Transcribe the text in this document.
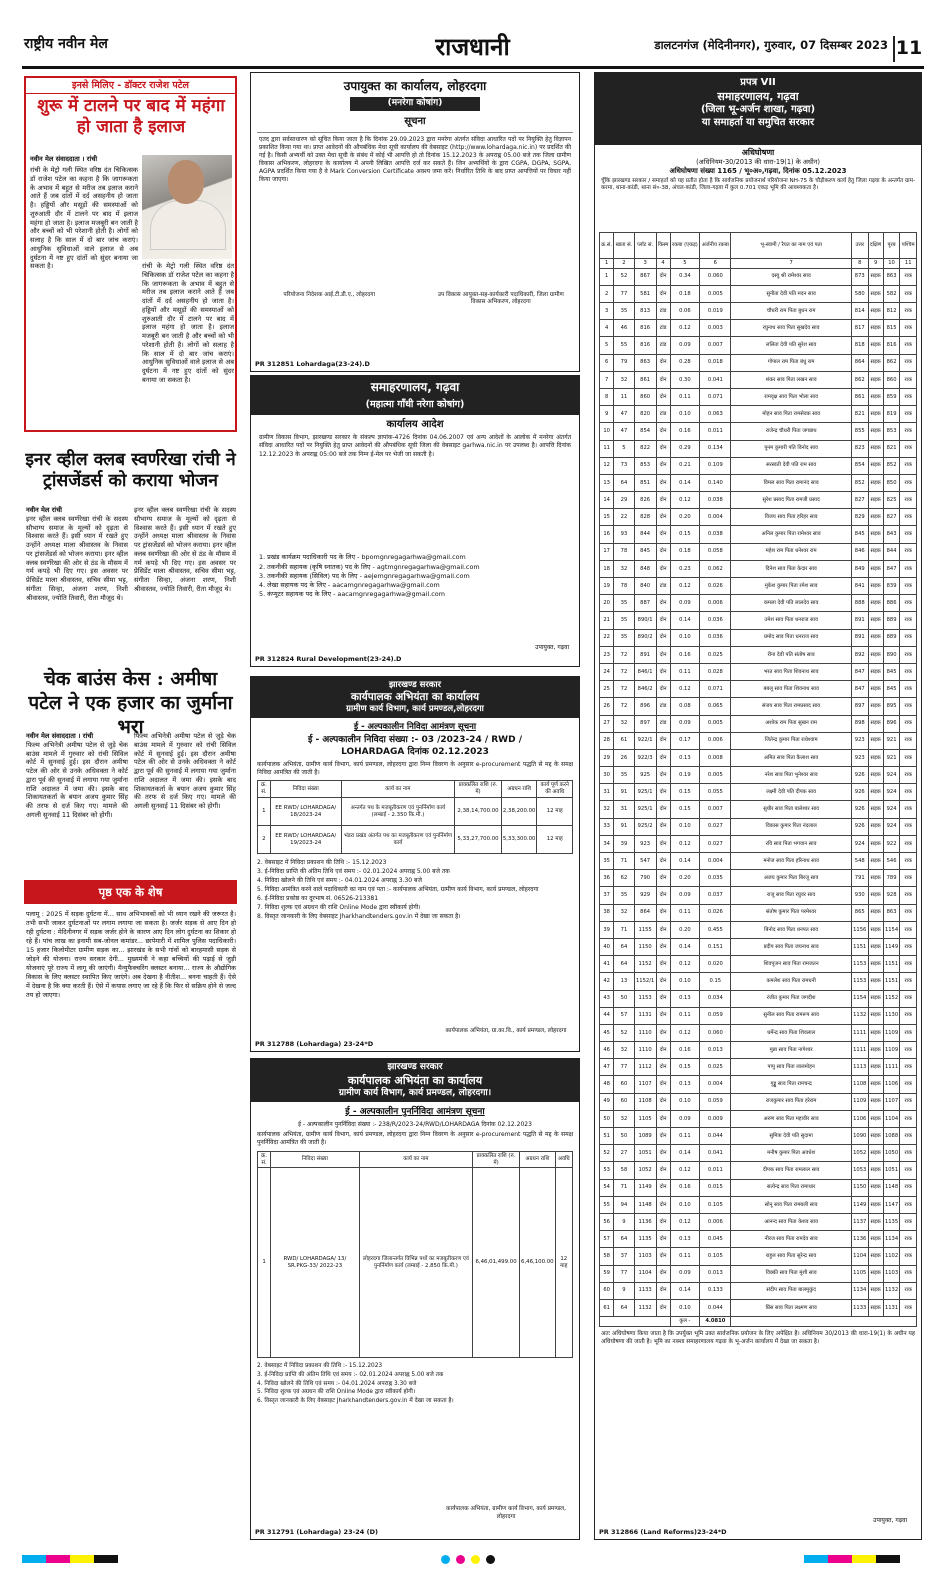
राष्ट्रीय नवीन मेल	राजधानी	डालटनगंज (मेदिनीनगर), गुरुवार, 07 दिसम्बर 2023 11
इनसे मिलिए - डॉक्टर राजेश पटेल
शुरू में टालने पर बाद में महंगा हो जाता है इलाज
नवीन मेल संवाददाता । रांची
रांची के मेट्रो गली स्थित वरिष्ठ दंत चिकित्सक डॉ राजेश पटेल का कहना है कि जागरूकता के अभाव में बहुत से मरीज तब इलाज कराने आते हैं जब दांतों में दर्द असहनीय हो जाता है। हड्डियों और मसूड़ों की समस्याओं को शुरुआती दौर में टालने पर बाद में इलाज महंगा हो जाता है। इलाज मजबूरी बन जाती है और बच्चों को भी परेशानी होती है। लोगों को सलाह है कि साल में दो बार जांच कराएं। आधुनिक सुविधाओं वाले इलाज से अब दुर्घटना में नष्ट हुए दांतों को सुंदर बनाया जा सकता है।	रांची के मेट्रो गली स्थित वरिष्ठ दंत चिकित्सक डॉ राजेश पटेल का कहना है कि जागरूकता के अभाव में बहुत से मरीज तब इलाज कराने आते हैं जब दांतों में दर्द असहनीय हो जाता है। हड्डियों और मसूड़ों की समस्याओं को शुरुआती दौर में टालने पर बाद में इलाज महंगा हो जाता है। इलाज मजबूरी बन जाती है और बच्चों को भी परेशानी होती है। लोगों को सलाह है कि साल में दो बार जांच कराएं। आधुनिक सुविधाओं वाले इलाज से अब दुर्घटना में नष्ट हुए दांतों को सुंदर बनाया जा सकता है।
इनर व्हील क्लब स्वर्णरेखा रांची ने ट्रांसजेंडर्स को कराया भोजन
नवीन मेल रांची
इनर व्हील क्लब स्वर्णरेखा रांची के सदस्य सौभाग्य समाज के मूल्यों को दृढ़ता से विश्वास करते हैं। इसी ध्यान में रखते हुए उन्होंने अध्यक्ष माला श्रीवास्तव के निवास पर ट्रांसजेंडर्स को भोजन कराया। इनर व्हील क्लब स्वर्णरेखा की ओर से ठंड के मौसम में गर्म कपड़े भी दिए गए। इस अवसर पर प्रेसिडेंट माला श्रीवास्तव, सचिव सीमा भट्ट, संगीता सिन्हा, अंजना शरण, निशी श्रीवास्तव, ज्योति तिवारी, रीता मौजूद थे।
इनर व्हील क्लब स्वर्णरेखा रांची के सदस्य सौभाग्य समाज के मूल्यों को दृढ़ता से विश्वास करते हैं। इसी ध्यान में रखते हुए उन्होंने अध्यक्ष माला श्रीवास्तव के निवास पर ट्रांसजेंडर्स को भोजन कराया। इनर व्हील क्लब स्वर्णरेखा की ओर से ठंड के मौसम में गर्म कपड़े भी दिए गए। इस अवसर पर प्रेसिडेंट माला श्रीवास्तव, सचिव सीमा भट्ट, संगीता सिन्हा, अंजना शरण, निशी श्रीवास्तव, ज्योति तिवारी, रीता मौजूद थे।
चेक बाउंस केस : अमीषा पटेल ने एक हजार का जुर्माना भरा
नवीन मेल संवाददाता । रांची
फिल्म अभिनेत्री अमीषा पटेल से जुड़े चेक बाउंस मामले में गुरुवार को रांची सिविल कोर्ट में सुनवाई हुई। इस दौरान अमीषा पटेल की ओर से उनके अधिवक्ता ने कोर्ट द्वारा पूर्व की सुनवाई में लगाया गया जुर्माना राशि अदालत में जमा की। इसके बाद शिकायतकर्ता के बयान अजय कुमार सिंह की तरफ से दर्ज किए गए। मामले की अगली सुनवाई 11 दिसंबर को होगी।
फिल्म अभिनेत्री अमीषा पटेल से जुड़े चेक बाउंस मामले में गुरुवार को रांची सिविल कोर्ट में सुनवाई हुई। इस दौरान अमीषा पटेल की ओर से उनके अधिवक्ता ने कोर्ट द्वारा पूर्व की सुनवाई में लगाया गया जुर्माना राशि अदालत में जमा की। इसके बाद शिकायतकर्ता के बयान अजय कुमार सिंह की तरफ से दर्ज किए गए। मामले की अगली सुनवाई 11 दिसंबर को होगी।
पृष्ठ एक के शेष
पलामू : 2025 में सड़क दुर्घटना में... साथ अभिभावकों को भी ध्यान रखने की जरूरत है। तभी सभी जाकर दुर्घटनाओं पर लगाम लगाया जा सकता है। जर्जर सड़क से आए दिन हो रही दुर्घटना : मेदिनीनगर में सड़क जर्जर होने के कारण आए दिन लोग दुर्घटना का शिकार हो रहे हैं। पांच लाख का इनामी सब-जोनल कमांडर... छापेमारी में शामिल पुलिस पदाधिकारी। 15 हजार किलोमीटर ग्रामीण सड़क का... झारखंड के सभी गांवों को बारहमासी सड़क से जोड़ने की योजना। राज्य सरकार देगी... मुख्यमंत्री ने कहा बच्चियों की पढ़ाई से जुड़ी योजनाएं पूरे राज्य में लागू की जाएंगी। मैन्युफैक्चरिंग क्लस्टर बनाया... राज्य के औद्योगिक विकास के लिए क्लस्टर स्थापित किए जाएंगे। अब देखना है नीतीश... बनना चाहती हैं। ऐसे में देखना है कि क्या करती हैं। ऐसे में कयास लगाए जा रहे हैं कि फिर से सक्रिय होने से जल्द तय हो जाएगा।
उपायुक्त का कार्यालय, लोहरदगा
(मनरेगा कोषांग)
सूचना
एतद द्वारा सर्वसाधारण को सूचित किया जाता है कि दिनांक 29.09.2023 द्वारा मनरेगा अंतर्गत संविदा आधारित पदों पर नियुक्ति हेतु विज्ञापन प्रकाशित किया गया था। प्राप्त आवेदनों की औपबंधिक मेधा सूची कार्यालय की वेबसाइट (http://www.lohardaga.nic.in) पर प्रदर्शित की गई है। किसी अभ्यर्थी को उक्त मेधा सूची के संबंध में कोई भी आपत्ति हो तो दिनांक 15.12.2023 के अपराह्न 05.00 बजे तक जिला ग्रामीण विकास अभिकरण, लोहरदगा के कार्यालय में अपनी लिखित आपत्ति दर्ज कर सकते हैं। जिन अभ्यर्थियों के द्वारा CGPA, DGPA, SGPA, AGPA प्रदर्शित किया गया है वे Mark Conversion Certificate अवश्य जमा करें। निर्धारित तिथि के बाद प्राप्त आपत्तियों पर विचार नहीं किया जाएगा।
परियोजना निदेशक आई.टी.डी.ए., लोहरदगा	उप विकास आयुक्त-सह-कार्यकारी पदाधिकारी, जिला ग्रामीण विकास अभिकरण, लोहरदगा
PR 312851 Lohardaga(23-24).D
समाहरणालय, गढ़वा
(महात्मा गाँधी नरेगा कोषांग)
कार्यालय आदेश
ग्रामीण विकास विभाग, झारखण्ड सरकार के संकल्प ज्ञापांक-4726 दिनांक 04.06.2007 एवं अन्य आदेशों के आलोक में मनरेगा अंतर्गत संविदा आधारित पदों पर नियुक्ति हेतु प्राप्त आवेदनों की औपबंधिक सूची जिला की वेबसाइट garhwa.nic.in पर उपलब्ध है। आपत्ति दिनांक 12.12.2023 के अपराह्न 05:00 बजे तक निम्न ई-मेल पर भेजी जा सकती है।
1. प्रखंड कार्यक्रम पदाधिकारी पद के लिए - bpomgnregagarhwa@gmail.com
2. तकनीकी सहायक (कृषि स्नातक) पद के लिए - agtmgnregagarhwa@gmail.com
3. तकनीकी सहायक (सिविल) पद के लिए - aejemgnregagarhwa@gmail.com
4. लेखा सहायक पद के लिए - aacamgnregagarhwa@gmail.com
5. कंप्यूटर सहायक पद के लिए - aacamgnregagarhwa@gmail.com
उपायुक्त, गढ़वा
PR 312824 Rural Development(23-24).D
झारखण्ड सरकार
कार्यपालक अभियंता का कार्यालय
ग्रामीण कार्य विभाग, कार्य प्रमण्डल,लोहरदगा
ई - अल्पकालीन निविदा आमंत्रण सूचना
ई - अल्पकालीन निविदा संख्या :- 03 /2023-24 / RWD /
LOHARDAGA दिनांक 02.12.2023
कार्यपालक अभियंता, ग्रामीण कार्य विभाग, कार्य प्रमण्डल, लोहरदगा द्वारा निम्न विवरण के अनुसार e-procurement पद्धति से मद्द के समक्ष निविदा आमंत्रित की जाती है।
क्र. सं.	निविदा संख्या	कार्य का नाम	प्राक्कलित राशि (रु. में)	अग्रधन राशि	कार्य पूर्ण करने की अवधि
1	EE RWD/ LOHARDAGA/ 18/2023-24	अन्तर्गत पथ के मजबूतीकरण एवं पुनर्निर्माण कार्य (लम्बाई - 2.350 कि.मी.)	2,38,14,700.00	2,38,200.00	12 माह
2	EE RWD/ LOHARDAGA/ 19/2023-24	भंडरा प्रखंड अंतर्गत पथ का मजबूतीकरण एवं पुनर्निर्माण कार्य	5,33,27,700.00	5,33,300.00	12 माह
2. वेबसाइट में निविदा प्रकाशन की तिथि :- 15.12.2023
3. ई-निविदा प्राप्ति की अंतिम तिथि एवं समय :- 02.01.2024 अपराह्न 5.00 बजे तक
4. निविदा खोलने की तिथि एवं समय :- 04.01.2024 अपराह्न 3.30 बजे
5. निविदा आमंत्रित करने वाले पदाधिकारी का नाम एवं पता :- कार्यपालक अभियंता, ग्रामीण कार्य विभाग, कार्य प्रमण्डल, लोहरदगा
6. ई-निविदा प्रकोष्ठ का दूरभाष सं. 06526-213381
7. निविदा शुल्क एवं अग्रधन की राशि Online Mode द्वारा स्वीकार्य होगी।
8. विस्तृत जानकारी के लिए वेबसाइट Jharkhandtenders.gov.in में देखा जा सकता है।
कार्यपालक अभियंता, ग्रा.का.वि., कार्य प्रमण्डल, लोहरदगा
PR 312788 (Lohardaga) 23-24*D
झारखण्ड सरकार
कार्यपालक अभियंता का कार्यालय
ग्रामीण कार्य विभाग, कार्य प्रमण्डल, लोहरदगा।
ई - अल्पकालीन पुनर्निविदा आमंत्रण सूचना
ई - अल्पकालीन पुनर्निविदा संख्या :- 238/R/2023-24/RWD/LOHARDAGA दिनांक 02.12.2023
कार्यपालक अभियंता, ग्रामीण कार्य विभाग, कार्य प्रमण्डल, लोहरदगा द्वारा निम्न विवरण के अनुसार e-procurement पद्धति से मद्द के समक्ष पुनर्निविदा आमंत्रित की जाती है।
क्र. सं.	निविदा संख्या	कार्य का नाम	प्राक्कलित राशि (रु. में)	अग्रधन राशि	अवधि
1	RWD/ LOHARDAGA/ 13/ SR.PKG-33/ 2022-23	लोहरदगा जिलान्तर्गत विभिन्न पथों का मजबूतीकरण एवं पुनर्निर्माण कार्य (लम्बाई - 2.850 कि.मी.)	6,46,01,499.00	6,46,100.00	12 माह
2. वेबसाइट में निविदा प्रकाशन की तिथि :- 15.12.2023
3. ई-निविदा प्राप्ति की अंतिम तिथि एवं समय :- 02.01.2024 अपराह्न 5.00 बजे तक
4. निविदा खोलने की तिथि एवं समय :- 04.01.2024 अपराह्न 3.30 बजे
5. निविदा शुल्क एवं अग्रधन की राशि Online Mode द्वारा स्वीकार्य होगी।
6. विस्तृत जानकारी के लिए वेबसाइट Jharkhandtenders.gov.in में देखा जा सकता है।
कार्यपालक अभियंता, ग्रामीण कार्य विभाग, कार्य प्रमण्डल, लोहरदगा
PR 312791 (Lohardaga) 23-24 (D)
प्रपत्र VII
समाहरणालय, गढ़वा
(जिला भू-अर्जन शाखा, गढ़वा)
या समाहर्ता या समुचित सरकार
अधिघोषणा
(अधिनियम-30/2013 की धारा-19(1) के अधीन)
अधिघोषणा संख्या 1165 / भू०अ०,गढ़वा, दिनांक 05.12.2023
चूँकि झारखण्ड सरकार / समाहर्ता को यह प्रतीत होता है कि सार्वजनिक प्रयोजनार्थ परियोजना NH-75 के चौड़ीकरण कार्य हेतु जिला गढ़वा के अन्तर्गत ग्राम-करमा, थाना-कांडी, थाना सं०-38, अंचल-कांडी, जिला-गढ़वा में कुल 0.701 एकड़ भूमि की आवश्यकता है।
क्र.सं.	खाता सं.	प्लॉट सं.	किस्म	रकबा (एकड़)	अर्जनीय रकबा	भू-स्वामी / रैयत का नाम एवं पता	उत्तर	दक्षिण	पूरब	पश्चिम
1	2	3	4	5	6	7	8	9	10	11
1	52	867	दोन	0.34	0.060	दस्यु श्री रामेश्वर साव	873	सड़क	863	राक
2	77	581	दोन	0.18	0.005	सुनीता देवी पति मदन साव	580	सड़क	582	राक
3	35	813	टांड	0.06	0.019	चौधरी राम पिता बुधन राम	814	सड़क	812	राक
4	46	816	टांड	0.12	0.003	रघुनाथ साव पिता सुखदेव साव	817	सड़क	815	राक
5	55	816	टांड	0.09	0.007	ललिता देवी पति सुरेश साव	818	सड़क	816	राक
6	79	863	दोन	0.28	0.018	गोपाल राम पिता बंधु राम	864	सड़क	862	राक
7	32	861	दोन	0.30	0.041	शंकर साव पिता लखन साव	862	सड़क	860	राक
8	11	860	दोन	0.11	0.071	रामवृक्ष साव पिता भोला साव	861	सड़क	859	राक
9	47	820	टांड	0.10	0.063	मोहन साव पिता रामसेवक साव	821	सड़क	819	राक
10	47	854	दोन	0.16	0.011	राजेन्द्र चौधरी पिता जगन्नाथ	855	सड़क	853	राक
11	5	822	दोन	0.29	0.134	पुनम कुमारी पति विनोद साव	823	सड़क	821	राक
12	73	853	दोन	0.21	0.109	सरस्वती देवी पति राम साव	854	सड़क	852	राक
13	64	851	दोन	0.14	0.140	विमल साव पिता रामानंद साव	852	सड़क	850	राक
14	29	826	दोन	0.12	0.038	सुरेश प्रसाद पिता रामजी प्रसाद	827	सड़क	825	राक
15	22	828	दोन	0.20	0.004	विजय साव पिता हरिहर साव	829	सड़क	827	राक
16	93	844	दोन	0.15	0.038	अनिल कुमार पिता रामेश्वर साव	845	सड़क	843	राक
17	78	845	दोन	0.18	0.058	महेश राम पिता धनेश्वर राम	846	सड़क	844	राक
18	32	848	दोन	0.23	0.062	दिनेश साव पिता केदार साव	849	सड़क	847	राक
19	78	840	टांड	0.12	0.026	मुकेश कुमार पिता रमेश साव	841	सड़क	839	राक
20	35	887	दोन	0.09	0.006	कमला देवी पति लालदेव साव	888	सड़क	886	राक
21	35	890/1	दोन	0.14	0.036	उमेश साव पिता धनराज साव	891	सड़क	889	राक
22	35	890/2	दोन	0.10	0.036	प्रमोद साव पिता धनराज साव	891	सड़क	889	राक
23	72	891	दोन	0.16	0.025	रीना देवी पति संतोष साव	892	सड़क	890	राक
24	72	846/1	दोन	0.11	0.028	भरत साव पिता शिवनाथ साव	847	सड़क	845	राक
25	72	846/2	दोन	0.12	0.071	बबलू साव पिता शिवनाथ साव	847	सड़क	845	राक
26	72	896	टांड	0.08	0.065	संजय साव पिता रामप्रसाद साव	897	सड़क	895	राक
27	32	897	टांड	0.09	0.005	अशोक राम पिता सुखन राम	898	सड़क	896	राक
28	61	922/1	दोन	0.17	0.006	जितेन्द्र कुमार पिता राधेश्याम	923	सड़क	921	राक
29	26	922/3	दोन	0.13	0.008	अमित साव पिता कैलाश साव	923	सड़क	921	राक
30	35	925	दोन	0.19	0.005	नरेश साव पिता भुनेश्वर साव	926	सड़क	924	राक
31	91	925/1	दोन	0.15	0.055	लक्ष्मी देवी पति दीपक साव	926	सड़क	924	राक
32	31	925/1	दोन	0.15	0.007	सुधीर साव पिता बालेश्वर साव	926	सड़क	924	राक
33	91	925/2	दोन	0.10	0.027	विकास कुमार पिता नंदलाल	926	सड़क	924	राक
34	39	923	दोन	0.12	0.027	रवि साव पिता भगवान साव	924	सड़क	922	राक
35	71	547	दोन	0.14	0.004	मनोज साव पिता हरिनाथ साव	548	सड़क	546	राक
36	62	790	दोन	0.20	0.035	अजय कुमार पिता बिरजू साव	791	सड़क	789	राक
37	35	929	दोन	0.09	0.037	राजू साव पिता रघुवर साव	930	सड़क	928	राक
38	32	864	दोन	0.11	0.026	संतोष कुमार पिता परमेश्वर	865	सड़क	863	राक
39	71	1155	दोन	0.20	0.455	बिनोद साव पिता धनपत साव	1156	सड़क	1154	राक
40	64	1150	दोन	0.14	0.151	प्रदीप साव पिता जयनाथ साव	1151	सड़क	1149	राक
41	64	1152	दोन	0.12	0.020	शिवपूजन साव पिता रामजतन	1153	सड़क	1151	राक
42	13	1152/1	दोन	0.10	0.15	कमलेश साव पिता रामधनी	1153	सड़क	1151	राक
43	50	1153	दोन	0.13	0.034	रंजीत कुमार पिता जगदीश	1154	सड़क	1152	राक
44	57	1131	दोन	0.11	0.059	सुनील साव पिता रामरूप साव	1132	सड़क	1130	राक
45	52	1110	दोन	0.12	0.060	धर्मेन्द्र साव पिता शिवलाल	1111	सड़क	1109	राक
46	32	1110	दोन	0.16	0.013	मुन्ना साव पिता नागेश्वर	1111	सड़क	1109	राक
47	77	1112	दोन	0.15	0.025	पप्पु साव पिता लालमोहन	1113	सड़क	1111	राक
48	60	1107	दोन	0.13	0.004	गुड्डू साव पिता रामचन्द्र	1108	सड़क	1106	राक
49	60	1108	दोन	0.10	0.059	राजकुमार साव पिता हरेराम	1109	सड़क	1107	राक
50	32	1105	दोन	0.09	0.009	अरुण साव पिता महावीर साव	1106	सड़क	1104	राक
51	50	1089	दोन	0.11	0.044	सुमित्रा देवी पति सुदामा	1090	सड़क	1088	राक
52	27	1051	दोन	0.14	0.041	मनीष कुमार पिता अवधेश	1052	सड़क	1050	राक
53	58	1052	दोन	0.12	0.011	दीपक साव पिता रामलाल साव	1053	सड़क	1051	राक
54	71	1149	दोन	0.16	0.015	सत्येन्द्र साव पिता रामाधार	1150	सड़क	1148	राक
55	94	1148	दोन	0.10	0.105	सोनू साव पिता रामबली साव	1149	सड़क	1147	राक
56	9	1136	दोन	0.12	0.006	आनन्द साव पिता केशव साव	1137	सड़क	1135	राक
57	64	1135	दोन	0.13	0.045	नीरज साव पिता रामदेव साव	1136	सड़क	1134	राक
58	37	1103	दोन	0.11	0.105	राहुल साव पिता सुरेन्द्र साव	1104	सड़क	1102	राक
59	77	1104	दोन	0.09	0.013	विक्की साव पिता मुंशी साव	1105	सड़क	1103	राक
60	9	1133	दोन	0.14	0.133	संदीप साव पिता बालमुकुंद	1134	सड़क	1132	राक
61	64	1132	दोन	0.10	0.044	प्रिंस साव पिता लक्ष्मण साव	1133	सड़क	1131	राक
				कुल -	4.0810					
अतः अधिघोषणा किया जाता है कि उपर्युक्त भूमि उक्त सार्वजनिक प्रयोजन के लिए अपेक्षित है। अधिनियम 30/2013 की धारा-19(1) के अधीन यह अधिघोषणा की जाती है। भूमि का नक्शा समाहरणालय गढ़वा के भू-अर्जन कार्यालय में देखा जा सकता है।
उपायुक्त, गढ़वा
PR 312866 (Land Reforms)23-24*D
